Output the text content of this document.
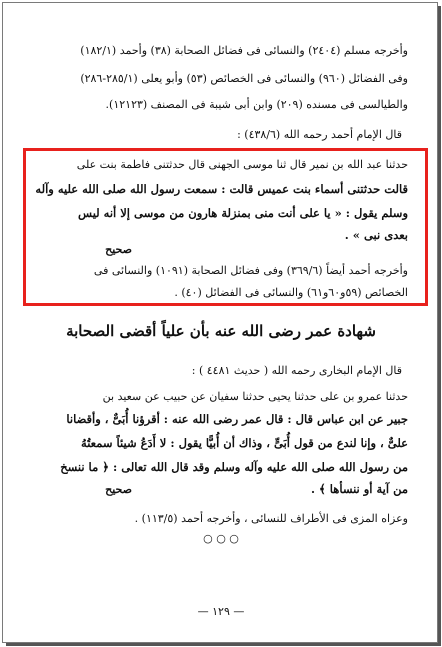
وأخرجه مسلم (٢٤٠٤) والنسائى فى فضائل الصحابة (٣٨) وأحمد (١٨٢/١)
وفى الفضائل (٩٦٠) والنسائى فى الخصائص (٥٣) وأبو يعلى (٢٨٥/١-٢٨٦)
والطيالسى فى مسنده (٢٠٩) وابن أبى شيبة فى المصنف (١٢١٢٣).
قال الإمام أحمد رحمه الله (٤٣٨/٦) :
حدثنا عبد الله بن نمير قال ثنا موسى الجهنى قال حدثتنى فاطمة بنت على
قالت حدثتنى أسماء بنت عميس قالت : سمعت رسول الله صلى الله عليه وآله
وسلم يقول : « يا على أنت منى بمنزلة هارون من موسى إلا أنه ليس
بعدى نبى » .
صحيح
وأخرجه أحمد أيضاً (٣٦٩/٦) وفى فضائل الصحابة (١٠٩١) والنسائى فى
الخصائص (٥٩و٦٠و٦١) والنسائى فى الفضائل (٤٠) .
شهادة عمر رضى الله عنه بأن علياً أقضى الصحابة
قال الإمام البخارى رحمه الله ( حديث ٤٤٨١ ) :
حدثنا عمرو بن على حدثنا يحيى حدثنا سفيان عن حبيب عن سعيد بن
جبير عن ابن عباس قال : قال عمر رضى الله عنه : أقرؤنا أُبَىٌّ ، وأقضانا
علىٌّ ، وإنا لندع من قول أُبَىٍّ ، وذاك أن أُبيًّا يقول : لا أَدَعُ شيئاً سمعتُهُ
من رسول الله صلى الله عليه وآله وسلم وقد قال الله تعالى : ﴿ ما ننسخ
من آية أو ننسأها ﴾ .
صحيح
وعزاه المزى فى الأطراف للنسائى ، وأخرجه أحمد (١١٣/٥) .
○ ○ ○
— ١٢٩ —
